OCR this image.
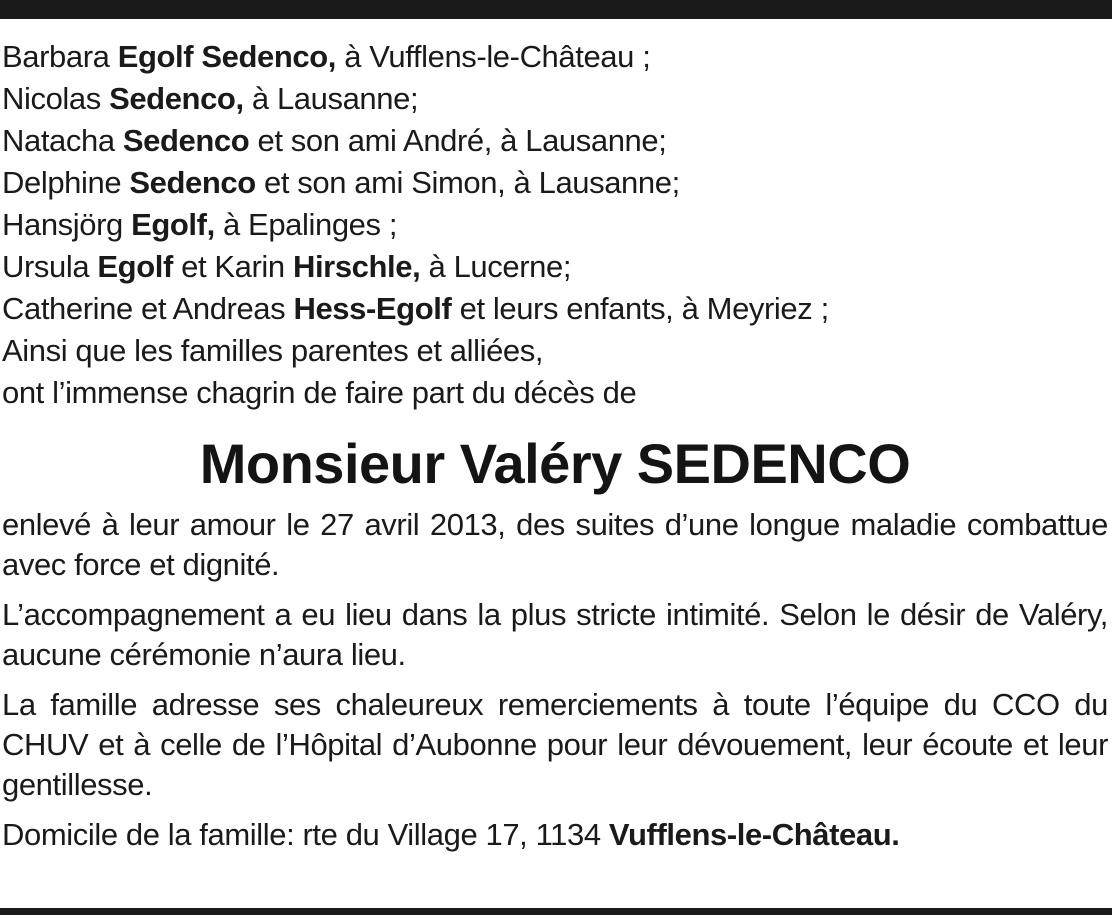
Barbara Egolf Sedenco, à Vufflens-le-Château ;
Nicolas Sedenco, à Lausanne;
Natacha Sedenco et son ami André, à Lausanne;
Delphine Sedenco et son ami Simon, à Lausanne;
Hansjörg Egolf, à Epalinges ;
Ursula Egolf et Karin Hirschle, à Lucerne;
Catherine et Andreas Hess-Egolf et leurs enfants, à Meyriez ;
Ainsi que les familles parentes et alliées,
ont l’immense chagrin de faire part du décès de
Monsieur Valéry SEDENCO

enlevé à leur amour le 27 avril 2013, des suites d’une longue maladie combattue avec force et dignité.

L’accompagnement a eu lieu dans la plus stricte intimité. Selon le désir de Valéry, aucune cérémonie n’aura lieu.

La famille adresse ses chaleureux remerciements à toute l’équipe du CCO du CHUV et à celle de l’Hôpital d’Aubonne pour leur dévouement, leur écoute et leur gentillesse.

Domicile de la famille: rte du Village 17, 1134 Vufflens-le-Château.
